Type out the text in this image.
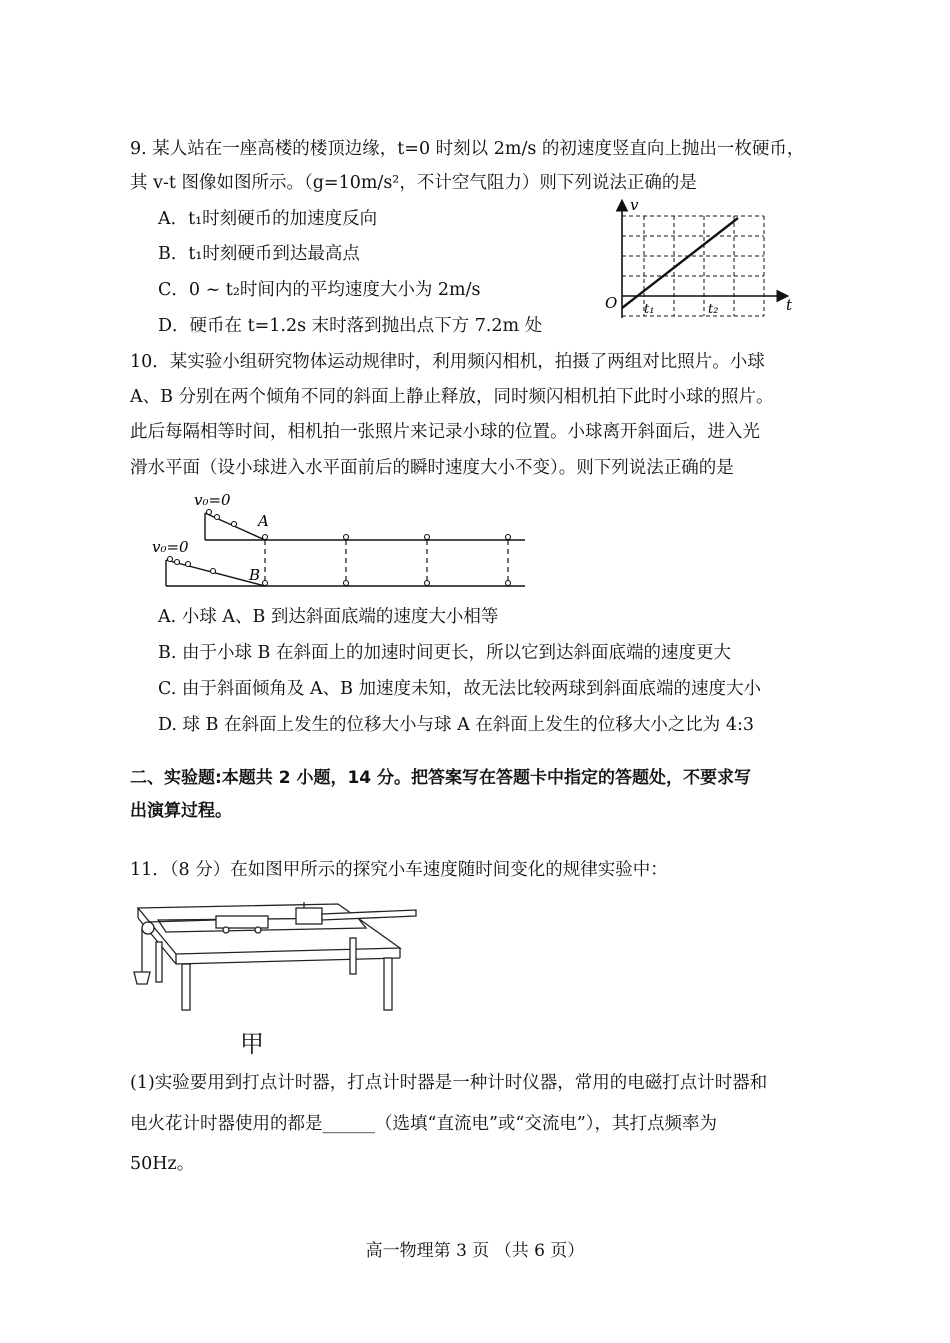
9. 某人站在一座高楼的楼顶边缘，t=0 时刻以 2m/s 的初速度竖直向上抛出一枚硬币，
其 v-t 图像如图所示。（g=10m/s²，不计空气阻力）则下列说法正确的是
A．t₁时刻硬币的加速度反向
B．t₁时刻硬币到达最高点
C．0 ~ t₂时间内的平均速度大小为 2m/s
D．硬币在 t=1.2s 末时落到抛出点下方 7.2m 处
v
t
O t₁	t₂
10．某实验小组研究物体运动规律时，利用频闪相机，拍摄了两组对比照片。小球
A、B 分别在两个倾角不同的斜面上静止释放，同时频闪相机拍下此时小球的照片。
此后每隔相等时间，相机拍一张照片来记录小球的位置。小球离开斜面后，进入光
滑水平面（设小球进入水平面前后的瞬时速度大小不变）。则下列说法正确的是
v₀=0
v₀=0
A
B
A. 小球 A、B 到达斜面底端的速度大小相等
B. 由于小球 B 在斜面上的加速时间更长，所以它到达斜面底端的速度更大
C. 由于斜面倾角及 A、B 加速度未知，故无法比较两球到斜面底端的速度大小
D. 球 B 在斜面上发生的位移大小与球 A 在斜面上发生的位移大小之比为 4:3
二、实验题:本题共 2 小题，14 分。把答案写在答题卡中指定的答题处，不要求写
出演算过程。
11．（8 分）在如图甲所示的探究小车速度随时间变化的规律实验中：
甲
(1)实验要用到打点计时器，打点计时器是一种计时仪器，常用的电磁打点计时器和
电火花计时器使用的都是______（选填“直流电”或“交流电”），其打点频率为
50Hz。
高一物理第 3 页 （共 6 页）
